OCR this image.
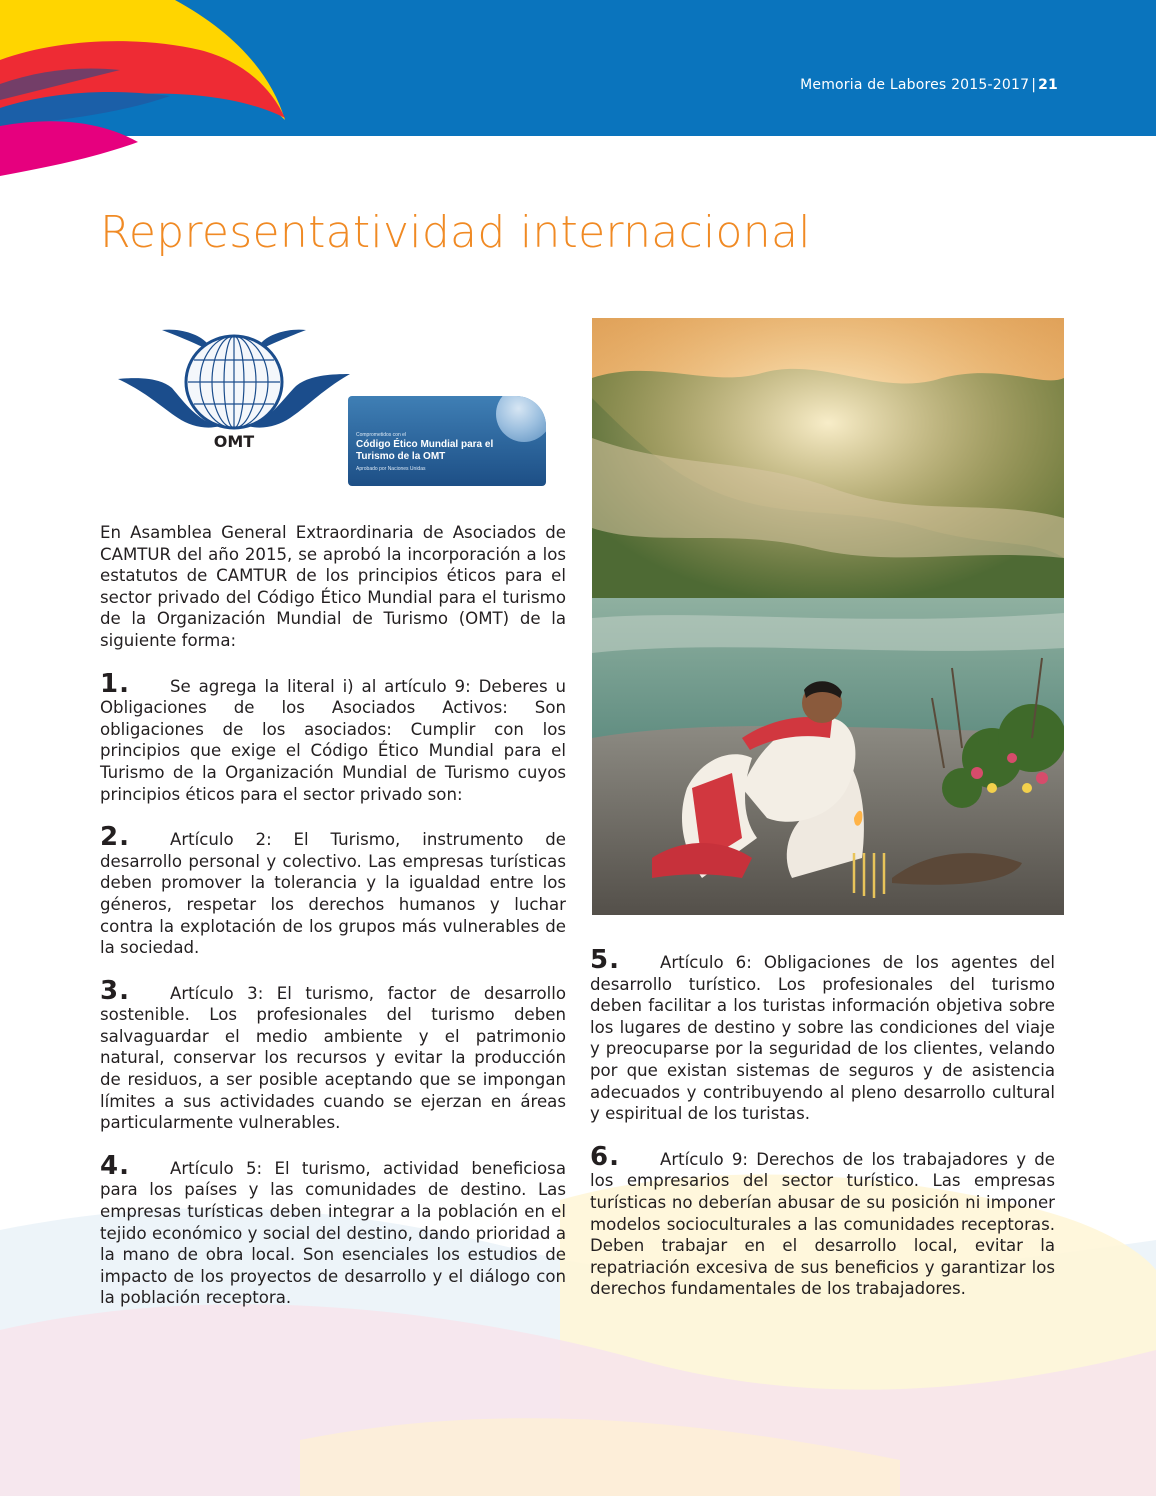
Memoria de Labores 2015-2017 | 21
Representatividad internacional
OMT	Comprometidos con el
Código Ético Mundial para el Turismo de la OMT
Aprobado por Naciones Unidas

En Asamblea General Extraordinaria de Asociados de CAMTUR del año 2015, se aprobó la incorporación a los estatutos de CAMTUR de los principios éticos para el sector privado del Código Ético Mundial para el turismo de la Organización Mundial de Turismo (OMT) de la siguiente forma:

1. Se agrega la literal i) al artículo 9: Deberes u Obligaciones de los Asociados Activos: Son obligaciones de los asociados: Cumplir con los principios que exige el Código Ético Mundial para el Turismo de la Organización Mundial de Turismo cuyos principios éticos para el sector privado son:

2. Artículo 2: El Turismo, instrumento de desarrollo personal y colectivo. Las empresas turísticas deben promover la tolerancia y la igualdad entre los géneros, respetar los derechos humanos y luchar contra la explotación de los grupos más vulnerables de la sociedad.

3. Artículo 3: El turismo, factor de desarrollo sostenible. Los profesionales del turismo deben salvaguardar el medio ambiente y el patrimonio natural, conservar los recursos y evitar la producción de residuos, a ser posible aceptando que se impongan límites a sus actividades cuando se ejerzan en áreas particularmente vulnerables.

4. Artículo 5: El turismo, actividad beneficiosa para los países y las comunidades de destino. Las empresas turísticas deben integrar a la población en el tejido económico y social del destino, dando prioridad a la mano de obra local. Son esenciales los estudios de impacto de los proyectos de desarrollo y el diálogo con la población receptora.

5. Artículo 6: Obligaciones de los agentes del desarrollo turístico. Los profesionales del turismo deben facilitar a los turistas información objetiva sobre los lugares de destino y sobre las condiciones del viaje y preocuparse por la seguridad de los clientes, velando por que existan sistemas de seguros y de asistencia adecuados y contribuyendo al pleno desarrollo cultural y espiritual de los turistas.

6. Artículo 9: Derechos de los trabajadores y de los empresarios del sector turístico. Las empresas turísticas no deberían abusar de su posición ni imponer modelos socioculturales a las comunidades receptoras. Deben trabajar en el desarrollo local, evitar la repatriación excesiva de sus beneficios y garantizar los derechos fundamentales de los trabajadores.
